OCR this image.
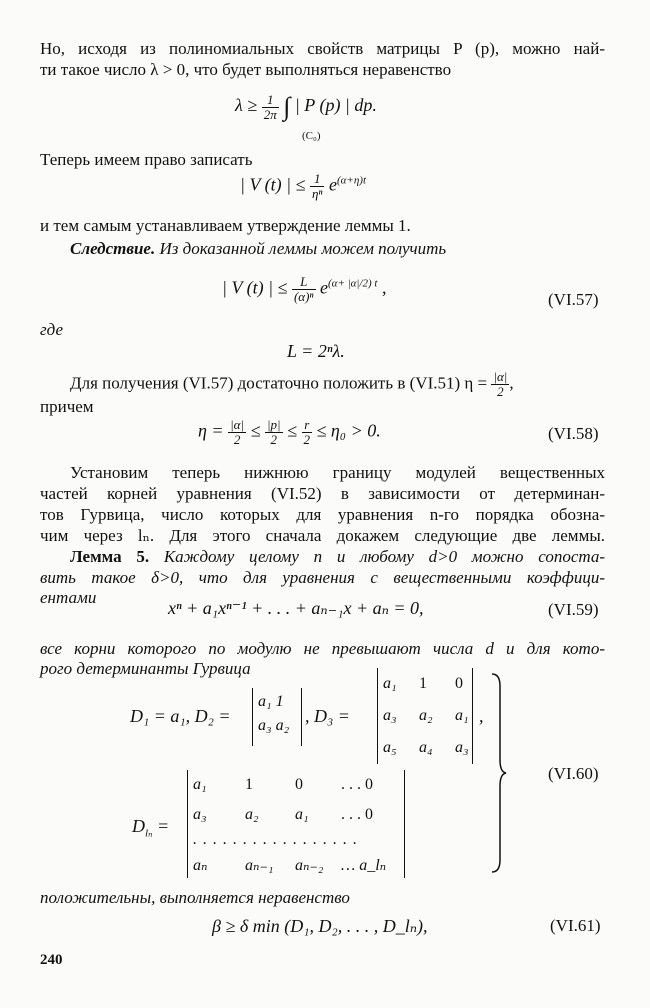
Но, исходя из полиномиальных свойств матрицы P (p), можно най-
ти такое число λ > 0, что будет выполняться неравенство
$\lambda \ge \frac{1}{2\pi}$ ∫ | P (p) | dp.
(C₀)
Теперь имеем право записать
| V (t) | ≤ $\frac{1}{\text{ηⁿ}} e^{(\alpha+\eta)t}$
и тем самым устанавливаем утверждение леммы 1.
Следствие. Из доказанной леммы можем получить
| V (t) | ≤ $\frac{L}{\text{(α)ⁿ}} e^{(\alpha+ |\alpha|/2) t}$ ,
(VI.57)
где
L = 2ⁿλ.
Для получения (VI.57) достаточно положить в (VI.51) $\eta = \frac{|\alpha|}{2}$ ,
причем
$\eta = \frac{|\alpha|}{2} \le \frac{|p|}{2} \le \frac{r}{2} \le \eta_0 > 0$.	(VI.58)
Установим теперь нижнюю границу модулей вещественных
частей корней уравнения (VI.52) в зависимости от детерминан-
тов Гурвица, число которых для уравнения n-го порядка обозна-
чим через lₙ. Для этого сначала докажем следующие две леммы.
Лемма 5. Каждому целому n и любому d>0 можно сопоста-
вить такое δ>0, что для уравнения с вещественными коэффици-
ентами
xⁿ + a₁xⁿ⁻¹ + . . . + aₙ₋₁x + aₙ = 0,	(VI.59)
все корни которого по модулю не превышают числа d и для кото-
рого детерминанты Гурвица
D₁ = a₁, D₂ =
a₁ 1
a₃ a₂ , D₃ =
a₁	1	0
a₃	a₂	a₁
a₅	a₄	a₃
,
$D_{l_n}$ =
a₁	1	0	. . . 0
a₃	a₂	a₁	. . . 0
. . . . . . . . . . . . . . . . .			
aₙ	aₙ₋₁	aₙ₋₂	… a_lₙ
(VI.60)
положительны, выполняется неравенство
β ≥ δ min (D₁, D₂, . . . , D_lₙ),	(VI.61)
240
